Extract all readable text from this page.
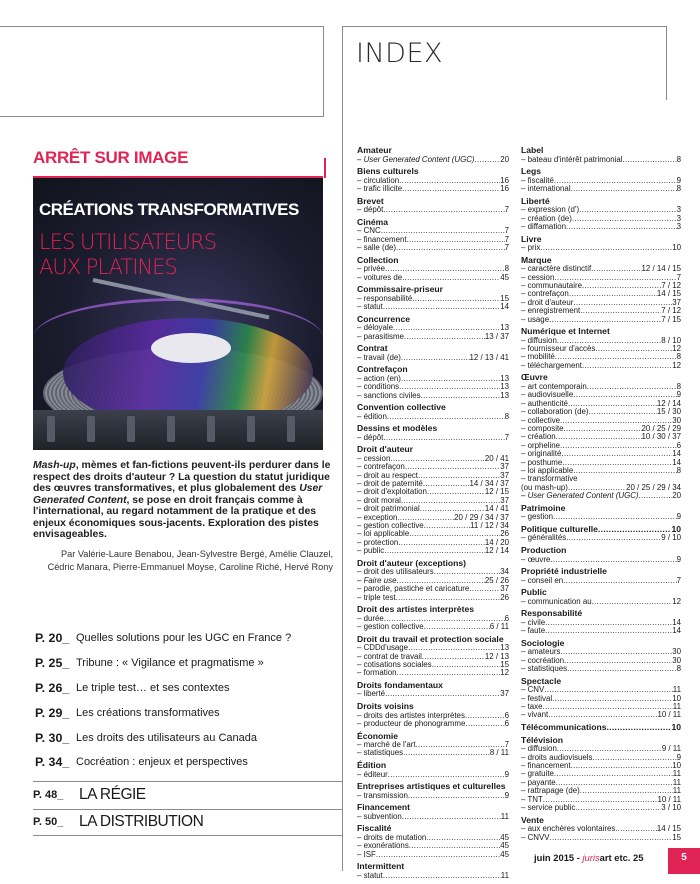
INDEX
ARRÊT SUR IMAGE
CRÉATIONS TRANSFORMATIVES
LES UTILISATEURS
AUX PLATINES
Mash-up, mèmes et fan-fictions peuvent-ils perdurer dans le respect des droits d'auteur ? La question du statut juridique des œuvres transformatives, et plus globalement des User Generated Content, se pose en droit français comme à l'international, au regard notamment de la pratique et des enjeux économiques sous-jacents. Exploration des pistes envisageables.
Par Valérie-Laure Benabou, Jean-Sylvestre Bergé, Amélie Clauzel,
Cédric Manara, Pierre-Emmanuel Moyse, Caroline Riché, Hervé Rony
P. 20_ Quelles solutions pour les UGC en France ?
P. 25_ Tribune : « Vigilance et pragmatisme »
P. 26_ Le triple test… et ses contextes
P. 29_ Les créations transformatives
P. 30_ Les droits des utilisateurs au Canada
P. 34_ Cocréation : enjeux et perspectives
P. 48_	LA RÉGIE
P. 50_	LA DISTRIBUTION
Amateur
– User Generated Content (UGC) .....	20
Biens culturels
– circulation .....	16
– trafic illicite .....	16
Brevet
– dépôt .....	7
Cinéma
– CNC .....	7
– financement .....	7
– salle (de) .....	7
Collection
– privée .....	8
– voitures de .....	45
Commissaire-priseur
– responsabilité .....	15
– statut .....	14
Concurrence
– déloyale .....	13
– parasitisme .....	13 / 37
Contrat
– travail (de) .....	12 / 13 / 41
Contrefaçon
– action (en) .....	13
– conditions .....	13
– sanctions civiles .....	13
Convention collective
– édition .....	8
Dessins et modèles
– dépôt .....	7
Droit d'auteur
– cession .....	20 / 41
– contrefaçon .....	37
– droit au respect .....	37
– droit de paternité .....	14 / 34 / 37
– droit d'exploitation .....	12 / 15
– droit moral .....	37
– droit patrimonial .....	14 / 41
– exception .....	20 / 29 / 34 / 37
– gestion collective .....	11 / 12 / 34
– loi applicable .....	26
– protection .....	14 / 20
– public .....	12 / 14
Droit d'auteur (exceptions)
– droit des utilisateurs .....	34
– Faire use .....	25 / 26
– parodie, pastiche et caricature .....	37
– triple test .....	26
Droit des artistes interprètes
– durée .....	6
– gestion collective .....	6 / 11
Droit du travail et protection sociale
– CDDd'usage .....	13
– contrat de travail .....	12 / 13
– cotisations sociales .....	15
– formation .....	12
Droits fondamentaux
– liberté .....	37
Droits voisins
– droits des artistes interprètes .....	6
– producteur de phonogramme .....	6
Économie
– marché de l'art .....	7
– statistiques .....	8 / 11
Édition
– éditeur .....	9
Entreprises artistiques et culturelles
– transmission .....	9
Financement
– subvention .....	11
Fiscalité
– droits de mutation .....	45
– exonérations .....	45
– ISF .....	45
Intermittent
– statut .....	11
Label
– bateau d'intérêt patrimonial .....	8
Legs
– fiscalité .....	9
– international .....	8
Liberté
– expression (d') .....	3
– création (de) .....	3
– diffamation .....	3
Livre
– prix .....	10
Marque
– caractère distinctif .....	12 / 14 / 15
– cession .....	7
– communautaire .....	7 / 12
– contrefaçon .....	14 / 15
– droit d'auteur .....	37
– enregistrement .....	7 / 12
– usage .....	7 / 15
Numérique et Internet
– diffusion .....	8 / 10
– fournisseur d'accès .....	12
– mobilité .....	8
– téléchargement .....	12
Œuvre
– art contemporain .....	8
– audiovisuelle .....	9
– authenticité .....	12 / 14
– collaboration (de) .....	15 / 30
– collective .....	30
– composite .....	20 / 25 / 29
– création .....	10 / 30 / 37
– orpheline .....	6
– originalité .....	14
– posthume .....	14
– loi applicable .....	8
– transformative
(ou mash-up) .....	20 / 25 / 29 / 34
– User Generated Content (UGC) .....	20
Patrimoine
– gestion .....	9
Politique culturelle .....	10
– généralités .....	9 / 10
Production
– œuvre .....	9
Propriété industrielle
– conseil en .....	7
Public
– communication au .....	12
Responsabilité
– civile .....	14
– faute .....	14
Sociologie
– amateurs .....	30
– cocréation .....	30
– statistiques .....	8
Spectacle
– CNV .....	11
– festival .....	10
– taxe .....	11
– vivant .....	10 / 11
Télécommunications .....	10
Télévision
– diffusion .....	9 / 11
– droits audiovisuels .....	9
– financement .....	10
– gratuite .....	11
– payante .....	11
– rattrapage (de) .....	11
– TNT .....	10 / 11
– service public .....	3 / 10
Vente
– aux enchères volontaires .....	14 / 15
– CNVV .....	15
juin 2015 - jurisart etc. 25	5
